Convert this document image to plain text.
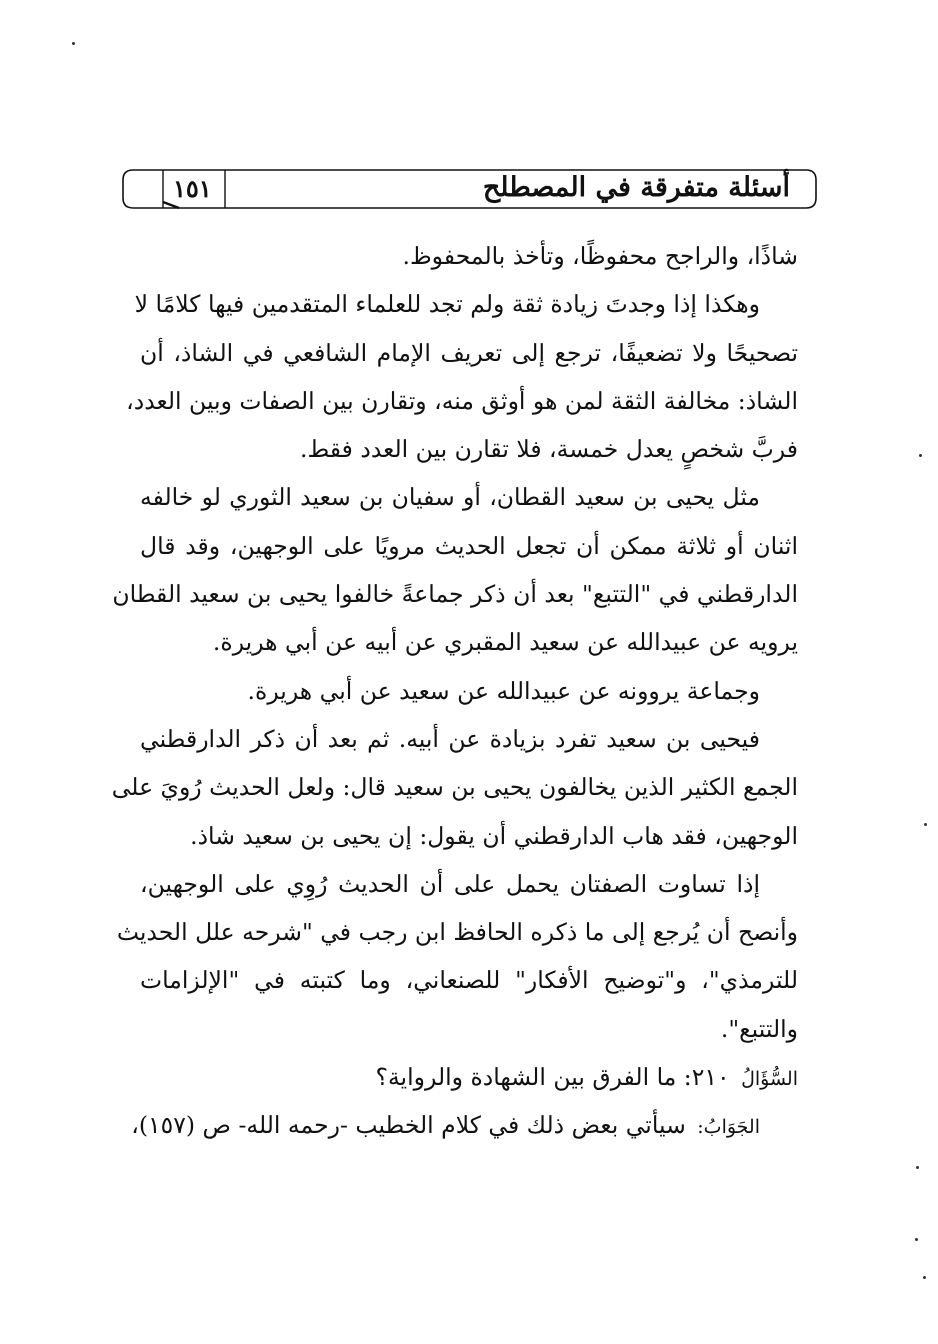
أسئلة متفرقة في المصطلح
١٥١
شاذًا، والراجح محفوظًا، وتأخذ بالمحفوظ.
وهكذا إذا وجدتَ زيادة ثقة ولم تجد للعلماء المتقدمين فيها كلامًا لا
تصحيحًا ولا تضعيفًا، ترجع إلى تعريف الإمام الشافعي في الشاذ، أن
الشاذ: مخالفة الثقة لمن هو أوثق منه، وتقارن بين الصفات وبين العدد،
فربَّ شخصٍ يعدل خمسة، فلا تقارن بين العدد فقط.
مثل يحيى بن سعيد القطان، أو سفيان بن سعيد الثوري لو خالفه
اثنان أو ثلاثة ممكن أن تجعل الحديث مرويًا على الوجهين، وقد قال
الدارقطني في "التتبع" بعد أن ذكر جماعةً خالفوا يحيى بن سعيد القطان
يرويه عن عبيدالله عن سعيد المقبري عن أبيه عن أبي هريرة.
وجماعة يروونه عن عبيدالله عن سعيد عن أبي هريرة.
فيحيى بن سعيد تفرد بزيادة عن أبيه. ثم بعد أن ذكر الدارقطني
الجمع الكثير الذين يخالفون يحيى بن سعيد قال: ولعل الحديث رُويَ على
الوجهين، فقد هاب الدارقطني أن يقول: إن يحيى بن سعيد شاذ.
إذا تساوت الصفتان يحمل على أن الحديث رُوِي على الوجهين،
وأنصح أن يُرجع إلى ما ذكره الحافظ ابن رجب في "شرحه علل الحديث
للترمذي"، و"توضيح الأفكار" للصنعاني، وما كتبته في "الإلزامات
والتتبع".
السُّؤَالُ ٢١٠: ما الفرق بين الشهادة والرواية؟
الجَوَابُ: سيأتي بعض ذلك في كلام الخطيب -رحمه الله- ص (١٥٧)،
